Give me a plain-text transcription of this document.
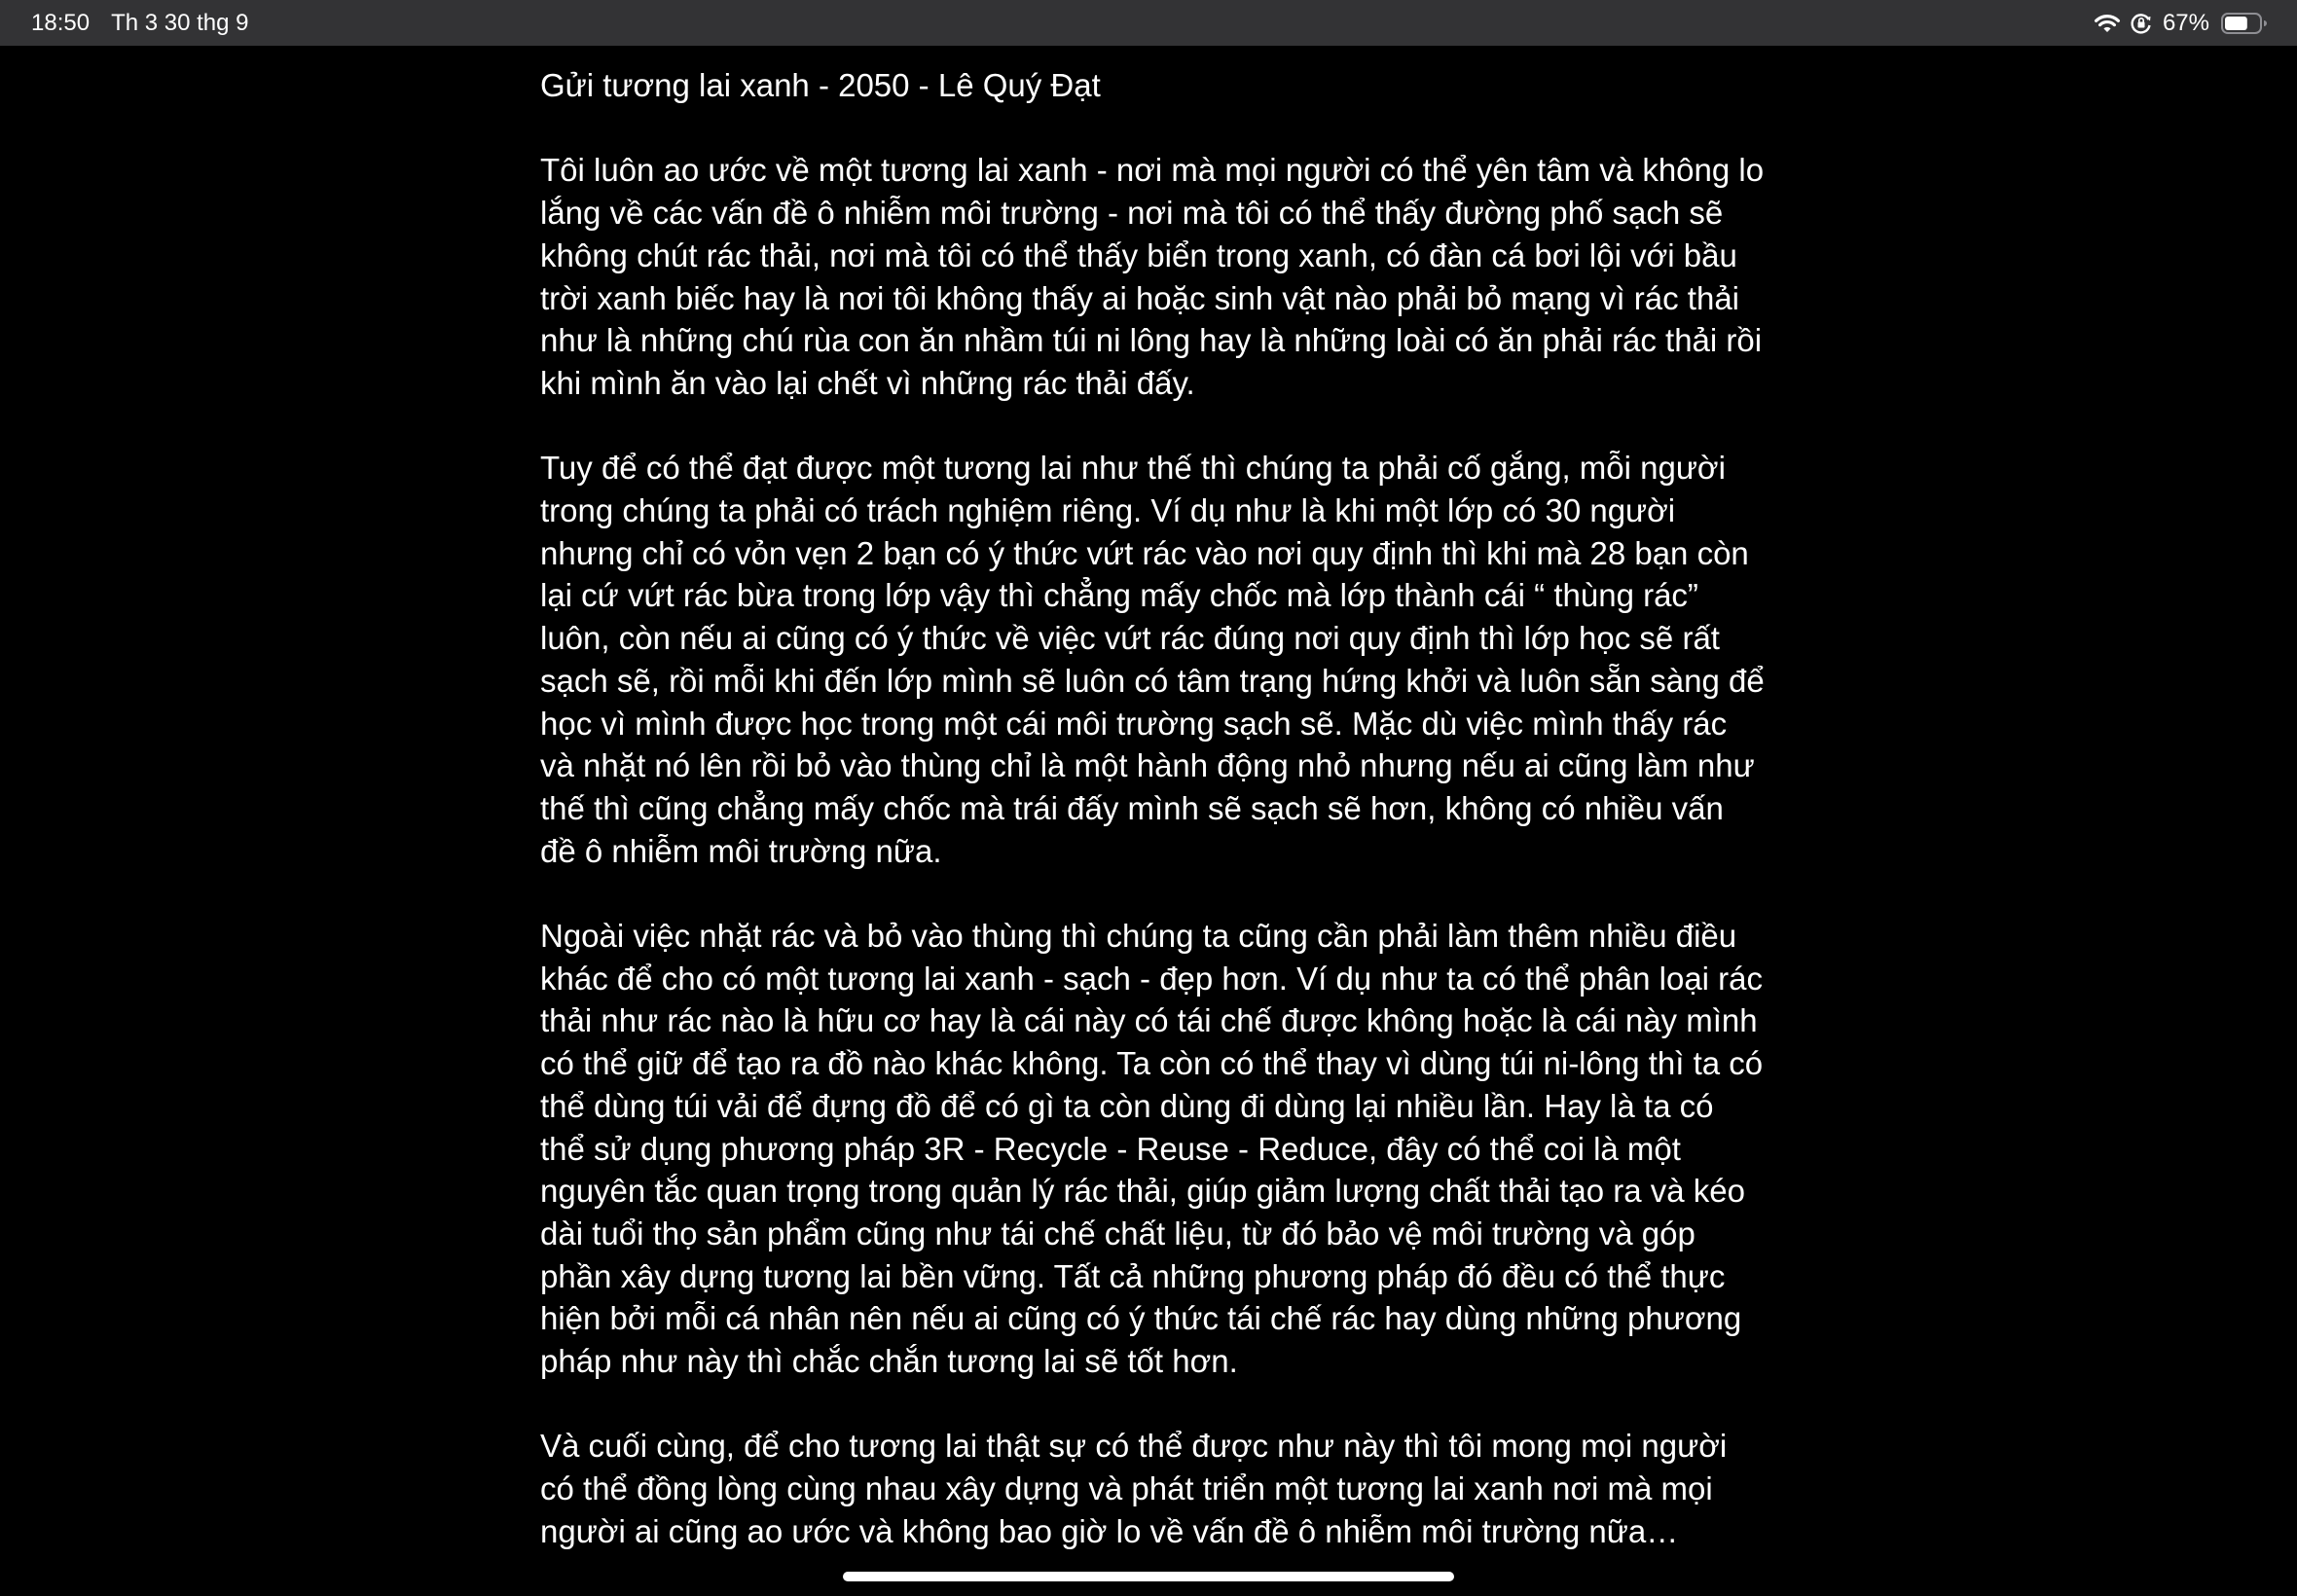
18:50 Th 3 30 thg 9	67%

Gửi tương lai xanh - 2050 - Lê Quý Đạt

Tôi luôn ao ước về một tương lai xanh - nơi mà mọi người có thể yên tâm và không lo lắng về các vấn đề ô nhiễm môi trường - nơi mà tôi có thể thấy đường phố sạch sẽ không chút rác thải, nơi mà tôi có thể thấy biển trong xanh, có đàn cá bơi lội với bầu trời xanh biếc hay là nơi tôi không thấy ai hoặc sinh vật nào phải bỏ mạng vì rác thải như là những chú rùa con ăn nhầm túi ni lông hay là những loài có ăn phải rác thải rồi khi mình ăn vào lại chết vì những rác thải đấy.

Tuy để có thể đạt được một tương lai như thế thì chúng ta phải cố gắng, mỗi người trong chúng ta phải có trách nghiệm riêng. Ví dụ như là khi một lớp có 30 người nhưng chỉ có vỏn vẹn 2 bạn có ý thức vứt rác vào nơi quy định thì khi mà 28 bạn còn lại cứ vứt rác bừa trong lớp vậy thì chẳng mấy chốc mà lớp thành cái “ thùng rác” luôn, còn nếu ai cũng có ý thức về việc vứt rác đúng nơi quy định thì lớp học sẽ rất sạch sẽ, rồi mỗi khi đến lớp mình sẽ luôn có tâm trạng hứng khởi và luôn sẵn sàng để học vì mình được học trong một cái môi trường sạch sẽ. Mặc dù việc mình thấy rác và nhặt nó lên rồi bỏ vào thùng chỉ là một hành động nhỏ nhưng nếu ai cũng làm như thế thì cũng chẳng mấy chốc mà trái đấy mình sẽ sạch sẽ hơn, không có nhiều vấn đề ô nhiễm môi trường nữa.

Ngoài việc nhặt rác và bỏ vào thùng thì chúng ta cũng cần phải làm thêm nhiều điều khác để cho có một tương lai xanh - sạch - đẹp hơn. Ví dụ như ta có thể phân loại rác thải như rác nào là hữu cơ hay là cái này có tái chế được không hoặc là cái này mình có thể giữ để tạo ra đồ nào khác không. Ta còn có thể thay vì dùng túi ni-lông thì ta có thể dùng túi vải để đựng đồ để có gì ta còn dùng đi dùng lại nhiều lần. Hay là ta có thể sử dụng phương pháp 3R - Recycle - Reuse - Reduce, đây có thể coi là một nguyên tắc quan trọng trong quản lý rác thải, giúp giảm lượng chất thải tạo ra và kéo dài tuổi thọ sản phẩm cũng như tái chế chất liệu, từ đó bảo vệ môi trường và góp phần xây dựng tương lai bền vững. Tất cả những phương pháp đó đều có thể thực hiện bởi mỗi cá nhân nên nếu ai cũng có ý thức tái chế rác hay dùng những phương pháp như này thì chắc chắn tương lai sẽ tốt hơn.

Và cuối cùng, để cho tương lai thật sự có thể được như này thì tôi mong mọi người có thể đồng lòng cùng nhau xây dựng và phát triển một tương lai xanh nơi mà mọi người ai cũng ao ước và không bao giờ lo về vấn đề ô nhiễm môi trường nữa…
